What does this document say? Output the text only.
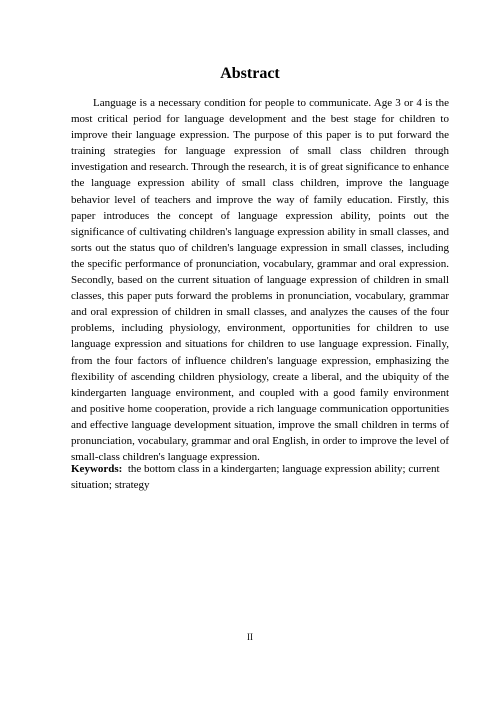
Abstract

Language is a necessary condition for people to communicate. Age 3 or 4 is the most critical period for language development and the best stage for children to improve their language expression. The purpose of this paper is to put forward the training strategies for language expression of small class children through investigation and research. Through the research, it is of great significance to enhance the language expression ability of small class children, improve the language behavior level of teachers and improve the way of family education. Firstly, this paper introduces the concept of language expression ability, points out the significance of cultivating children's language expression ability in small classes, and sorts out the status quo of children's language expression in small classes, including the specific performance of pronunciation, vocabulary, grammar and oral expression. Secondly, based on the current situation of language expression of children in small classes, this paper puts forward the problems in pronunciation, vocabulary, grammar and oral expression of children in small classes, and analyzes the causes of the four problems, including physiology, environment, opportunities for children to use language expression and situations for children to use language expression. Finally, from the four factors of influence children's language expression, emphasizing the flexibility of ascending children physiology, create a liberal, and the ubiquity of the kindergarten language environment, and coupled with a good family environment and positive home cooperation, provide a rich language communication opportunities and effective language development situation, improve the small children in terms of pronunciation, vocabulary, grammar and oral English, in order to improve the level of small-class children's language expression.

Keywords: the bottom class in a kindergarten; language expression ability; current situation; strategy

II
